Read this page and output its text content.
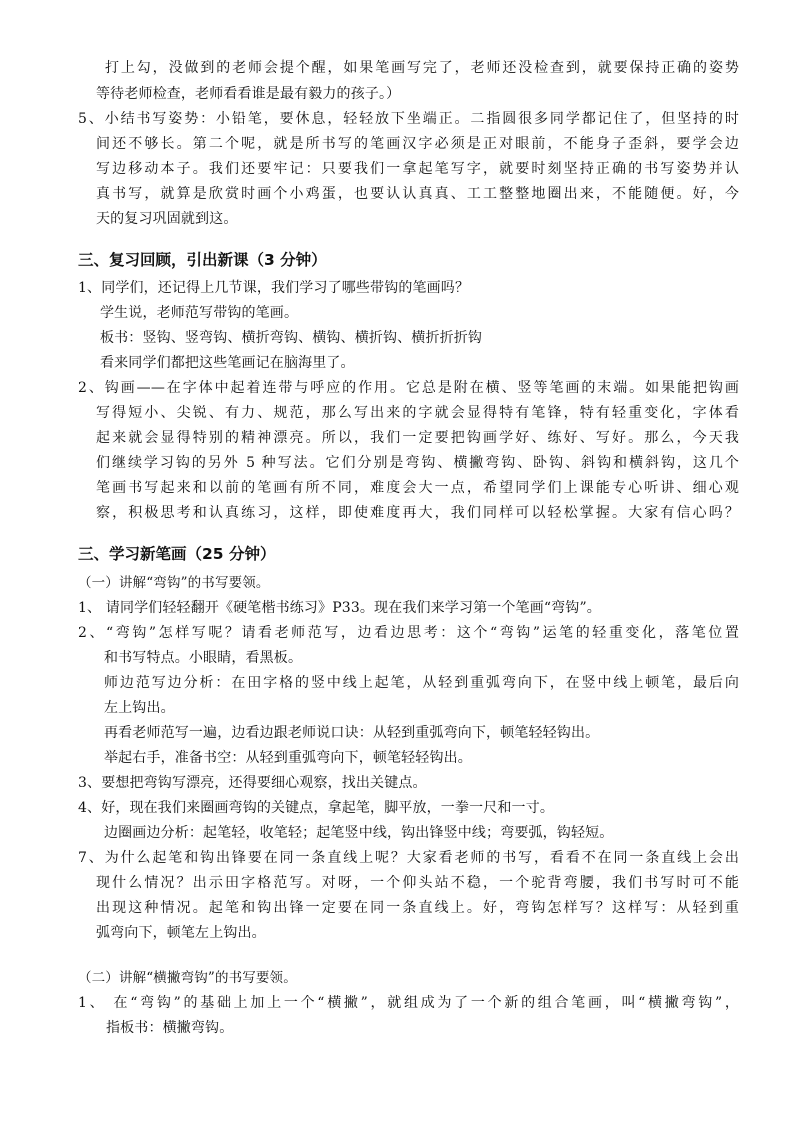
打上勾，没做到的老师会提个醒，如果笔画写完了，老师还没检查到，就要保持正确的姿势
等待老师检查，老师看看谁是最有毅力的孩子。）
5、小结书写姿势：小铅笔，要休息，轻轻放下坐端正。二指圆很多同学都记住了，但坚持的时
间还不够长。第二个呢，就是所书写的笔画汉字必须是正对眼前，不能身子歪斜，要学会边
写边移动本子。我们还要牢记：只要我们一拿起笔写字，就要时刻坚持正确的书写姿势并认
真书写，就算是欣赏时画个小鸡蛋，也要认认真真、工工整整地圈出来，不能随便。好，今
天的复习巩固就到这。
三、复习回顾，引出新课（3 分钟）
1、同学们，还记得上几节课，我们学习了哪些带钩的笔画吗？
学生说，老师范写带钩的笔画。
板书：竖钩、竖弯钩、横折弯钩、横钩、横折钩、横折折折钩
看来同学们都把这些笔画记在脑海里了。
2、钩画——在字体中起着连带与呼应的作用。它总是附在横、竖等笔画的末端。如果能把钩画
写得短小、尖锐、有力、规范，那么写出来的字就会显得特有笔锋，特有轻重变化，字体看
起来就会显得特别的精神漂亮。所以，我们一定要把钩画学好、练好、写好。那么，今天我
们继续学习钩的另外 5 种写法。它们分别是弯钩、横撇弯钩、卧钩、斜钩和横斜钩，这几个
笔画书写起来和以前的笔画有所不同，难度会大一点，希望同学们上课能专心听讲、细心观
察，积极思考和认真练习，这样，即使难度再大，我们同样可以轻松掌握。大家有信心吗？
三、学习新笔画（25 分钟）
（一）讲解“弯钩”的书写要领。
1、 请同学们轻轻翻开《硬笔楷书练习》P33。现在我们来学习第一个笔画“弯钩”。
2、“弯钩”怎样写呢？请看老师范写，边看边思考：这个“弯钩”运笔的轻重变化，落笔位置
和书写特点。小眼睛，看黑板。
师边范写边分析：在田字格的竖中线上起笔，从轻到重弧弯向下，在竖中线上顿笔，最后向
左上钩出。
再看老师范写一遍，边看边跟老师说口诀：从轻到重弧弯向下，顿笔轻轻钩出。
举起右手，准备书空：从轻到重弧弯向下，顿笔轻轻钩出。
3、要想把弯钩写漂亮，还得要细心观察，找出关键点。
4、好，现在我们来圈画弯钩的关键点，拿起笔，脚平放，一拳一尺和一寸。
边圈画边分析：起笔轻，收笔轻；起笔竖中线，钩出锋竖中线；弯要弧，钩轻短。
7、为什么起笔和钩出锋要在同一条直线上呢？大家看老师的书写，看看不在同一条直线上会出
现什么情况？出示田字格范写。对呀，一个仰头站不稳，一个驼背弯腰，我们书写时可不能
出现这种情况。起笔和钩出锋一定要在同一条直线上。好，弯钩怎样写？这样写：从轻到重
弧弯向下，顿笔左上钩出。
（二）讲解“横撇弯钩”的书写要领。
1、 在“弯钩”的基础上加上一个“横撇”，就组成为了一个新的组合笔画，叫“横撇弯钩”，
指板书：横撇弯钩。
